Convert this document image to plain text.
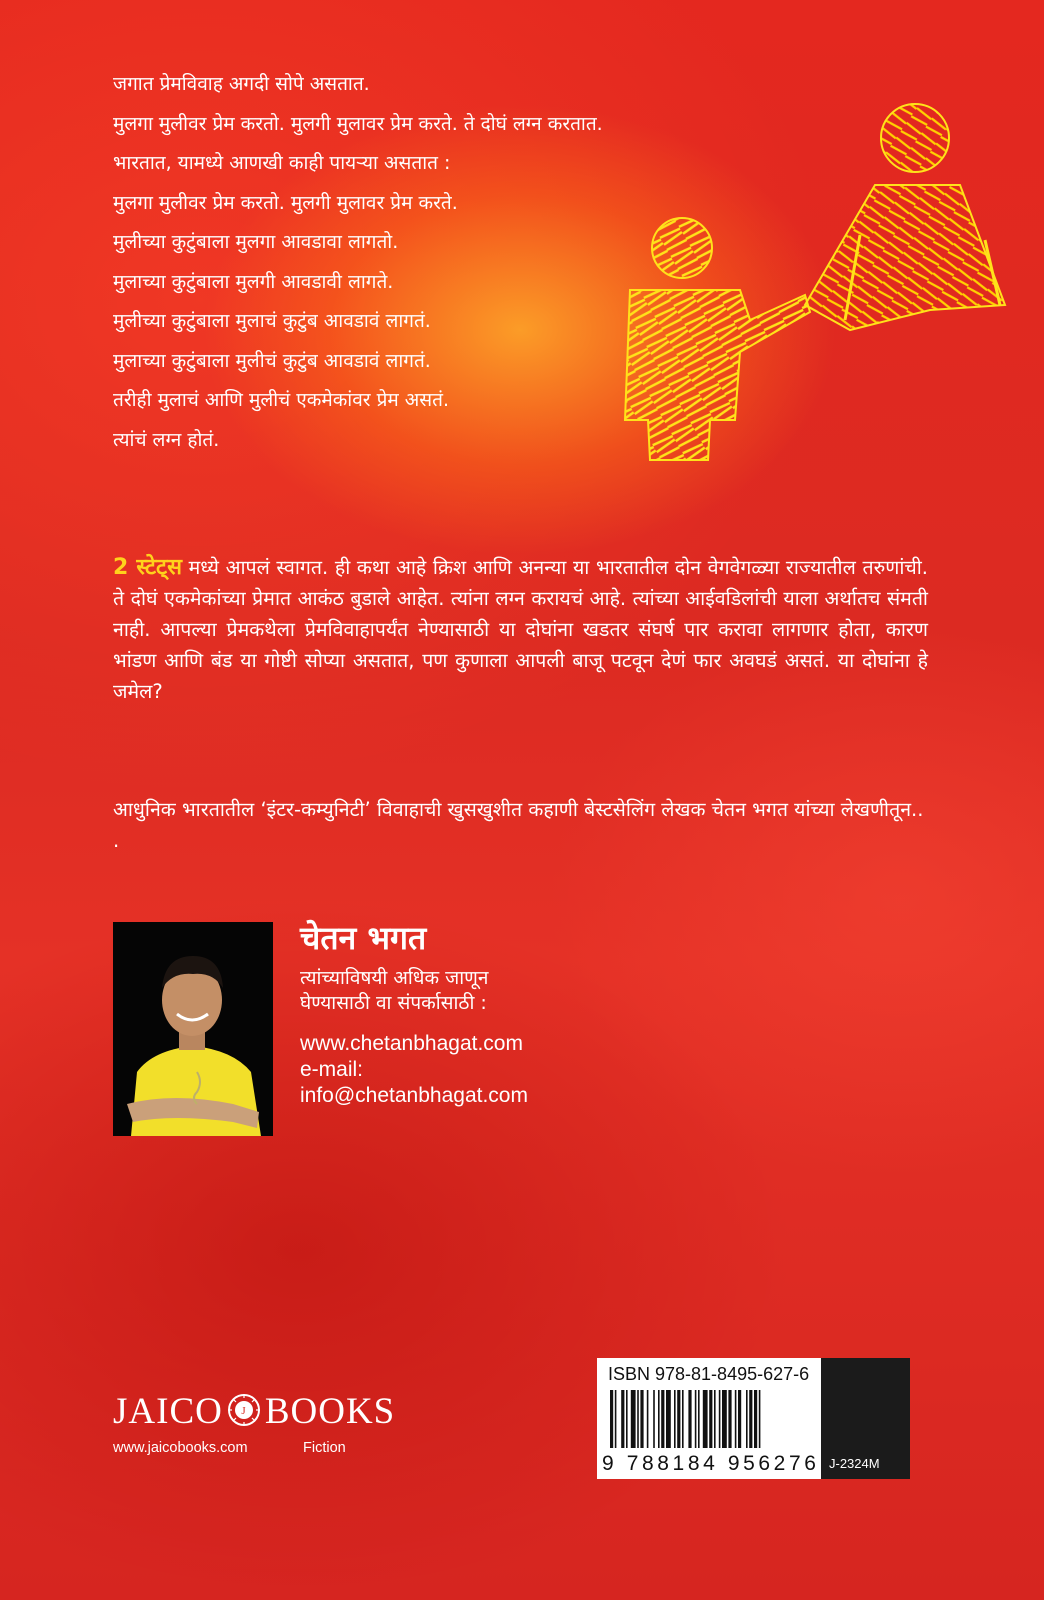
जगात प्रेमविवाह अगदी सोपे असतात.
मुलगा मुलीवर प्रेम करतो. मुलगी मुलावर प्रेम करते. ते दोघं लग्न करतात.
भारतात, यामध्ये आणखी काही पायऱ्या असतात :
मुलगा मुलीवर प्रेम करतो. मुलगी मुलावर प्रेम करते.
मुलीच्या कुटुंबाला मुलगा आवडावा लागतो.
मुलाच्या कुटुंबाला मुलगी आवडावी लागते.
मुलीच्या कुटुंबाला मुलाचं कुटुंब आवडावं लागतं.
मुलाच्या कुटुंबाला मुलीचं कुटुंब आवडावं लागतं.
तरीही मुलाचं आणि मुलीचं एकमेकांवर प्रेम असतं.
त्यांचं लग्न होतं.
2 स्टेट्स मध्ये आपलं स्वागत. ही कथा आहे क्रिश आणि अनन्या या भारतातील दोन वेगवेगळ्या राज्यातील तरुणांची. ते दोघं एकमेकांच्या प्रेमात आकंठ बुडाले आहेत. त्यांना लग्न करायचं आहे. त्यांच्या आईवडिलांची याला अर्थातच संमती नाही. आपल्या प्रेमकथेला प्रेमविवाहापर्यंत नेण्यासाठी या दोघांना खडतर संघर्ष पार करावा लागणार होता, कारण भांडण आणि बंड या गोष्टी सोप्या असतात, पण कुणाला आपली बाजू पटवून देणं फार अवघडं असतं. या दोघांना हे जमेल?
आधुनिक भारतातील ‘इंटर-कम्युनिटी’ विवाहाची खुसखुशीत कहाणी बेस्टसेलिंग लेखक चेतन भगत यांच्या लेखणीतून.. .
चेतन भगत
त्यांच्याविषयी अधिक जाणून
घेण्यासाठी वा संपर्कासाठी :
www.chetanbhagat.com
e-mail:
info@chetanbhagat.com
JAICO J BOOKS
www.jaicobooks.com	Fiction
ISBN 978-81-8495-627-6
9 788184 956276 J-2324M
